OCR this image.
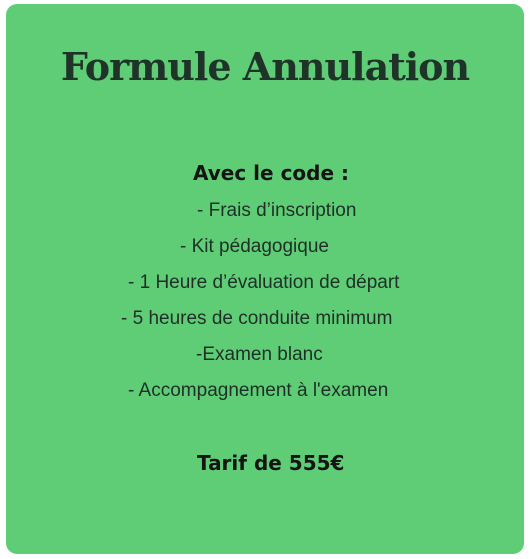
Formule Annulation
Avec le code :
- Frais d’inscription
- Kit pédagogique
- 1 Heure d’évaluation de départ
- 5 heures de conduite minimum
-Examen blanc
- Accompagnement à l'examen
Tarif de 555€
